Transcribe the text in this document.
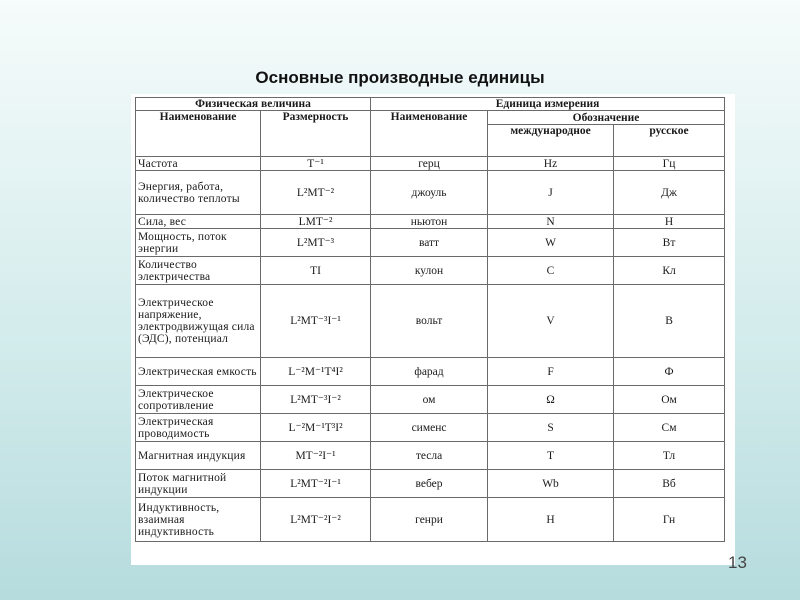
Основные производные единицы
Физическая величина		Единица измерения		
Наименование	Размерность	Наименование	Обозначение	
			международное	русское
Частота	T⁻¹	герц	Hz	Гц
Энергия, работа, количество теплоты	L²MT⁻²	джоуль	J	Дж
Сила, вес	LMT⁻²	ньютон	N	Н
Мощность, поток энергии	L²MT⁻³	ватт	W	Вт
Количество электричества	TI	кулон	C	Кл
Электрическое напряжение, электродвижущая сила (ЭДС), потенциал	L²MT⁻³I⁻¹	вольт	V	В
Электрическая емкость	L⁻²M⁻¹T⁴I²	фарад	F	Ф
Электрическое сопротивление	L²MT⁻³I⁻²	ом	Ω	Ом
Электрическая проводимость	L⁻²M⁻¹T³I²	сименс	S	См
Магнитная индукция	MT⁻²I⁻¹	тесла	T	Тл
Поток магнитной индукции	L²MT⁻²I⁻¹	вебер	Wb	Вб
Индуктивность, взаимная индуктивность	L²MT⁻²I⁻²	генри	H	Гн
13
